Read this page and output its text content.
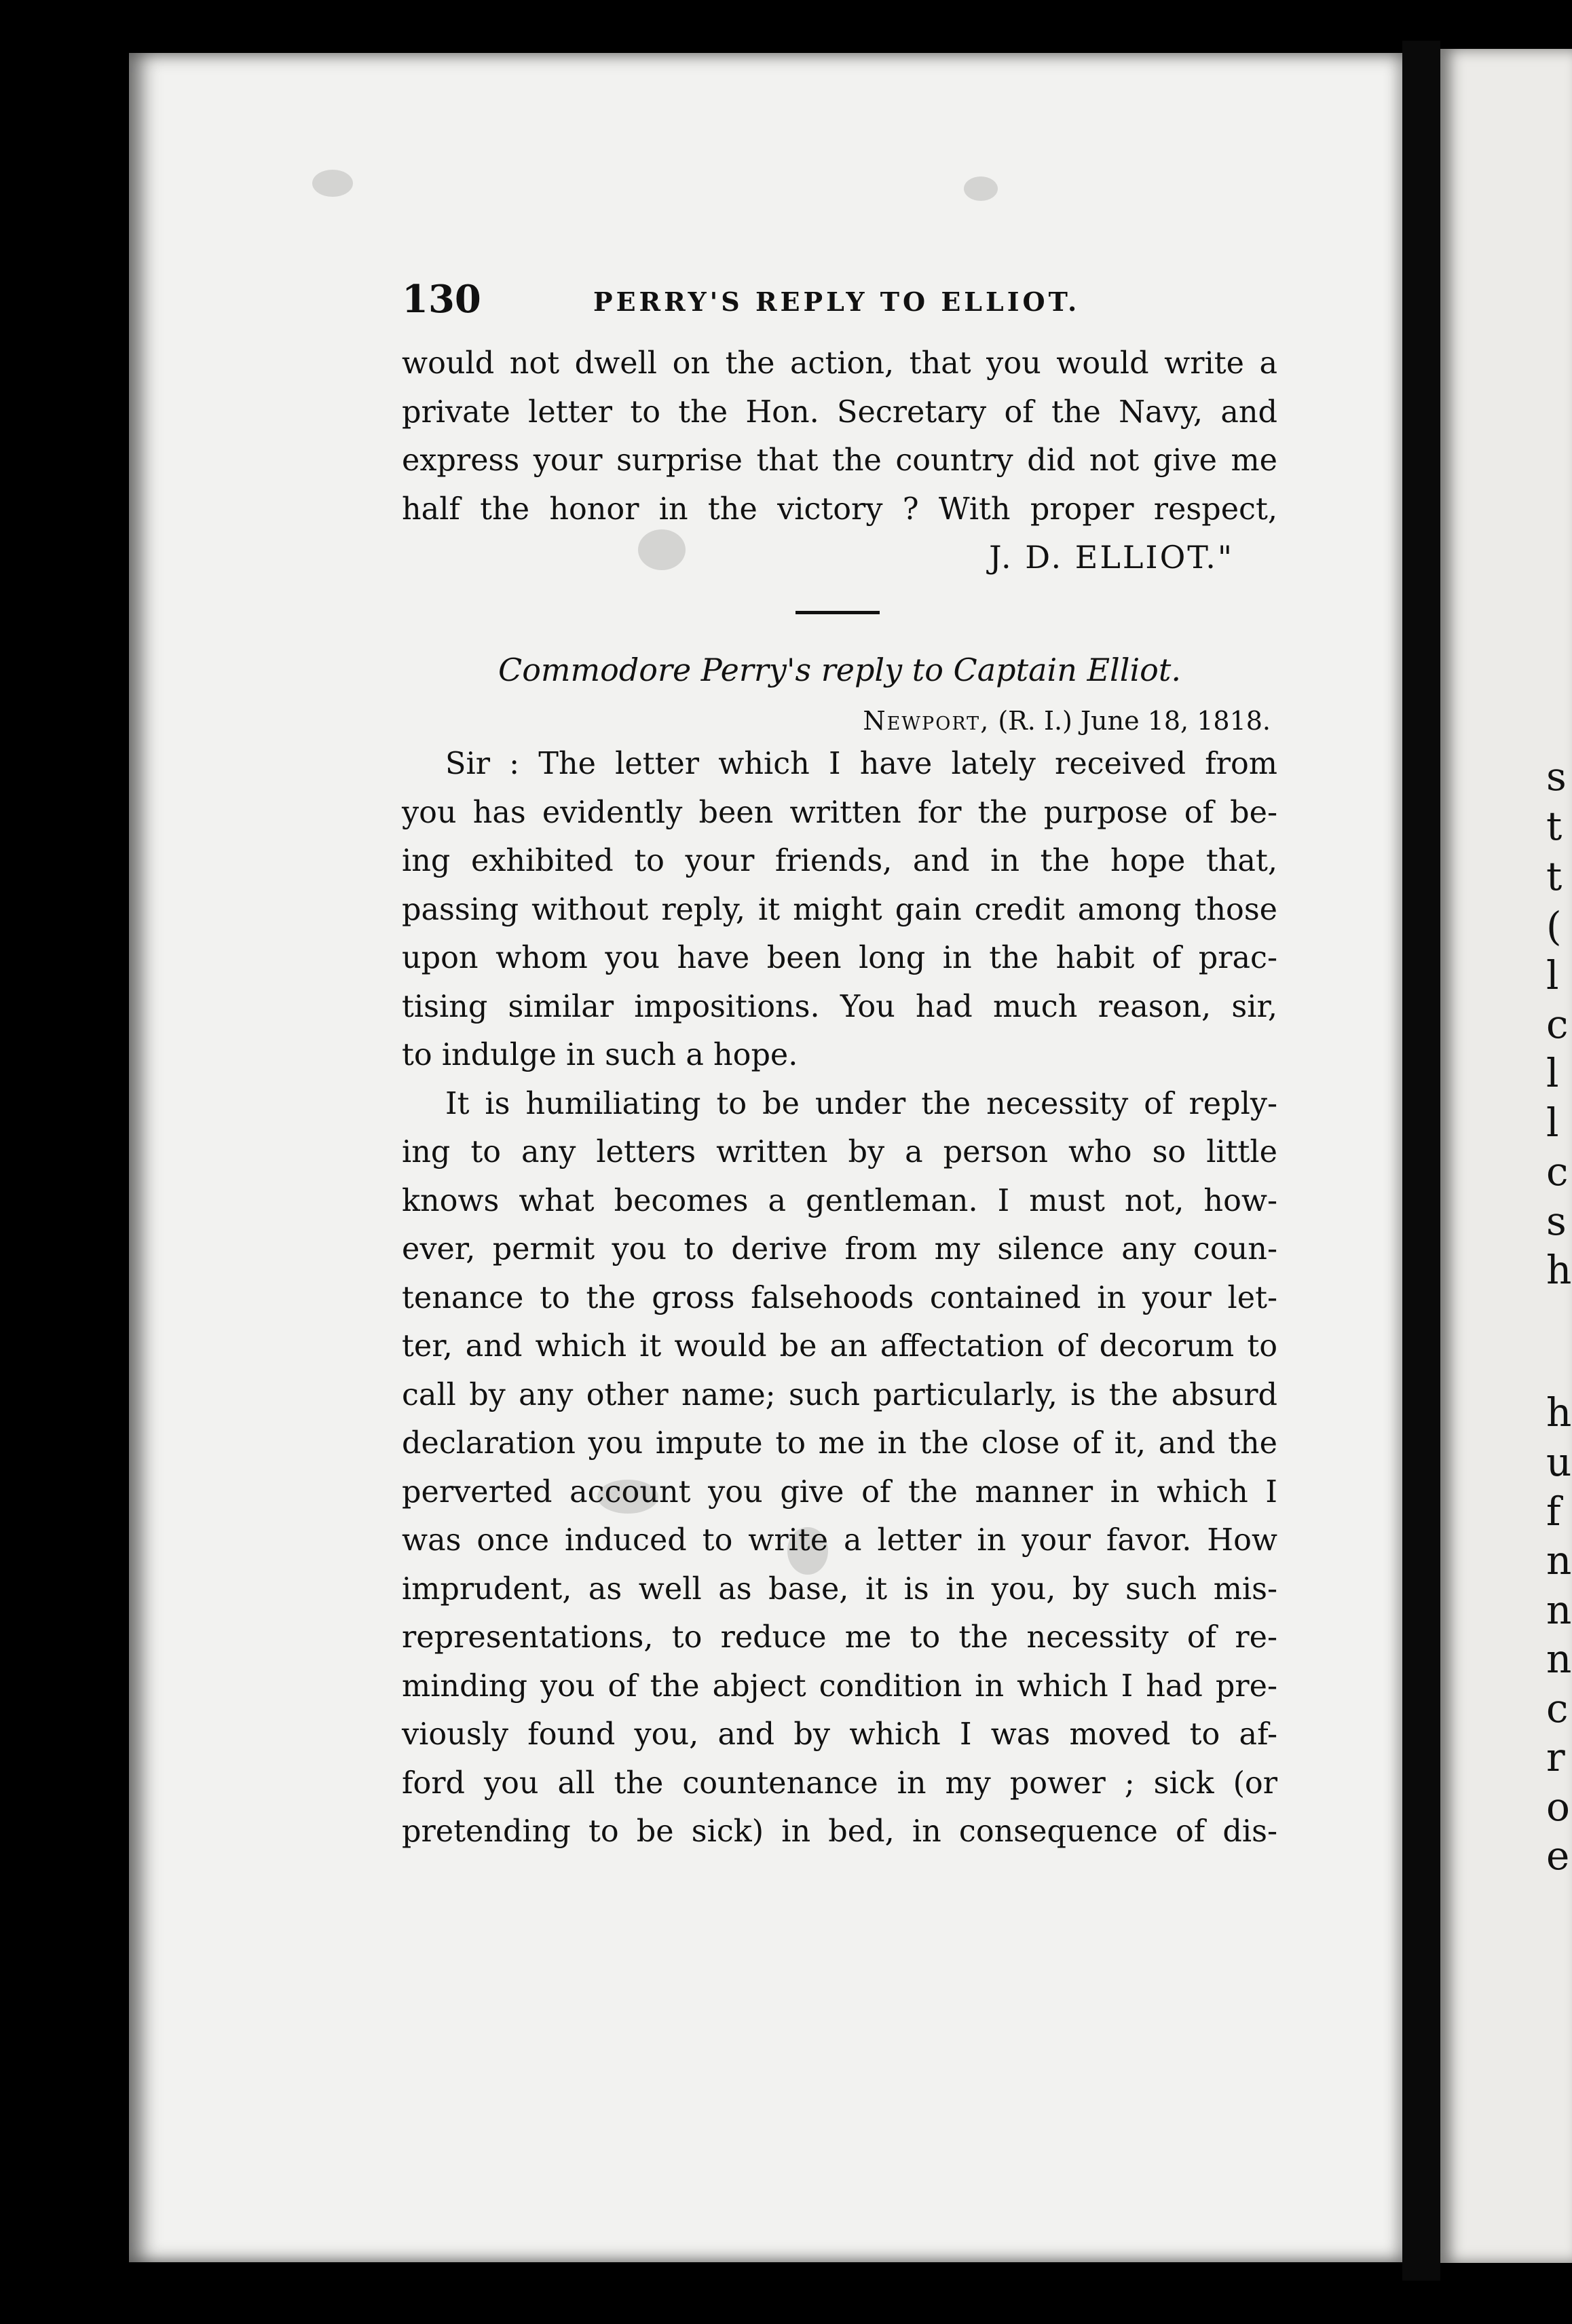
130	PERRY'S REPLY TO ELLIOT.
would not dwell on the action, that you would write a
private letter to the Hon. Secretary of the Navy, and
express your surprise that the country did not give me
half the honor in the victory ? With proper respect,
J. D. ELLIOT."
Commodore Perry's reply to Captain Elliot.
Newport, (R. I.) June 18, 1818.
Sir : The letter which I have lately received from
you has evidently been written for the purpose of be-
ing exhibited to your friends, and in the hope that,
passing without reply, it might gain credit among those
upon whom you have been long in the habit of prac-
tising similar impositions. You had much reason, sir,
to indulge in such a hope.
It is humiliating to be under the necessity of reply-
ing to any letters written by a person who so little
knows what becomes a gentleman. I must not, how-
ever, permit you to derive from my silence any coun-
tenance to the gross falsehoods contained in your let-
ter, and which it would be an affectation of decorum to
call by any other name; such particularly, is the absurd
declaration you impute to me in the close of it, and the
perverted account you give of the manner in which I
was once induced to write a letter in your favor. How
imprudent, as well as base, it is in you, by such mis-
representations, to reduce me to the necessity of re-
minding you of the abject condition in which I had pre-
viously found you, and by which I was moved to af-
ford you all the countenance in my power ; sick (or
pretending to be sick) in bed, in consequence of dis-
s
t
t
(
l
c
l
l
c
s
h
h
u
f
n
n
n
c
r
o
e
